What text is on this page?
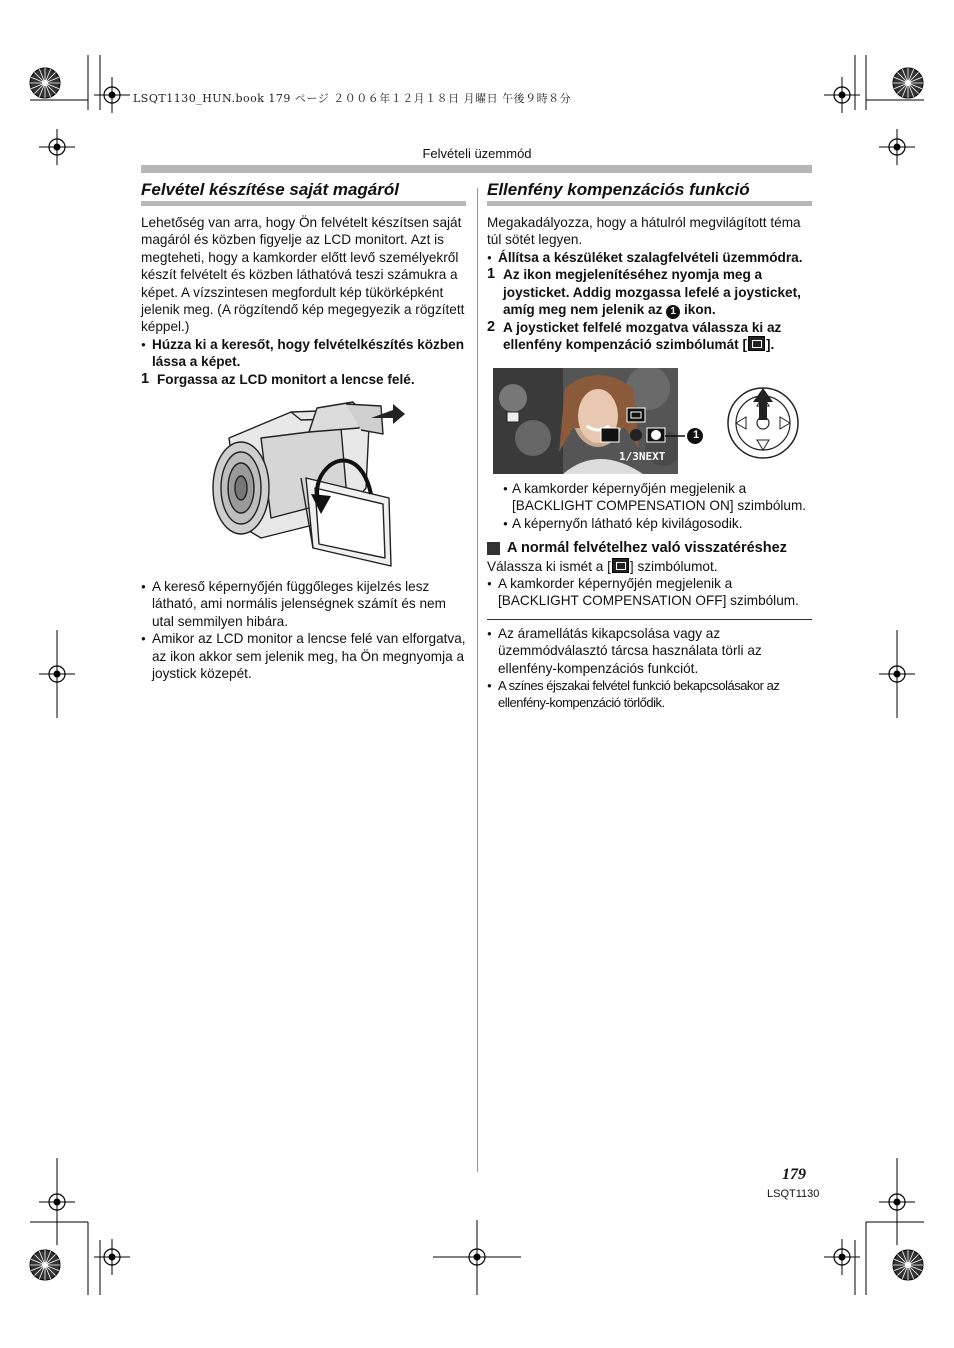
LSQT1130_HUN.book 179 ページ ２００６年１２月１８日 月曜日 午後９時８分
Felvételi üzemmód
Felvétel készítése saját magáról

Lehetőség van arra, hogy Ön felvételt készítsen saját magáról és közben figyelje az LCD monitort. Azt is megteheti, hogy a kamkorder előtt levő személyekről készít felvételt és közben láthatóvá teszi számukra a képet. A vízszintesen megfordult kép tükörképként jelenik meg. (A rögzítendő kép megegyezik a rögzített képpel.)

● Húzza ki a keresőt, hogy felvételkészítés közben lássa a képet.
1 Forgassa az LCD monitort a lencse felé.
● A kereső képernyőjén függőleges kijelzés lesz látható, ami normális jelenségnek számít és nem utal semmilyen hibára.
● Amikor az LCD monitor a lencse felé van elforgatva, az ikon akkor sem jelenik meg, ha Ön megnyomja a joystick közepét.
Ellenfény kompenzációs funkció

Megakadályozza, hogy a hátulról megvilágított téma túl sötét legyen.

● Állítsa a készüléket szalagfelvételi üzemmódra.
1 Az ikon megjelenítéséhez nyomja meg a joysticket. Addig mozgassa lefelé a joysticket, amíg meg nem jelenik az 1 ikon.
2 A joysticket felfelé mozgatva válassza ki az ellenfény kompenzáció szimbólumát [ ].
1/3NEXT
1
● A kamkorder képernyőjén megjelenik a [BACKLIGHT COMPENSATION ON] szimbólum.
● A képernyőn látható kép kivilágosodik.
A normál felvételhez való visszatéréshez

Válassza ki ismét a [ ] szimbólumot.

● A kamkorder képernyőjén megjelenik a [BACKLIGHT COMPENSATION OFF] szimbólum.
● Az áramellátás kikapcsolása vagy az üzemmódválasztó tárcsa használata törli az ellenfény-kompenzációs funkciót.
● A színes éjszakai felvétel funkció bekapcsolásakor az ellenfény-kompenzáció törlődik.
179
LSQT1130
